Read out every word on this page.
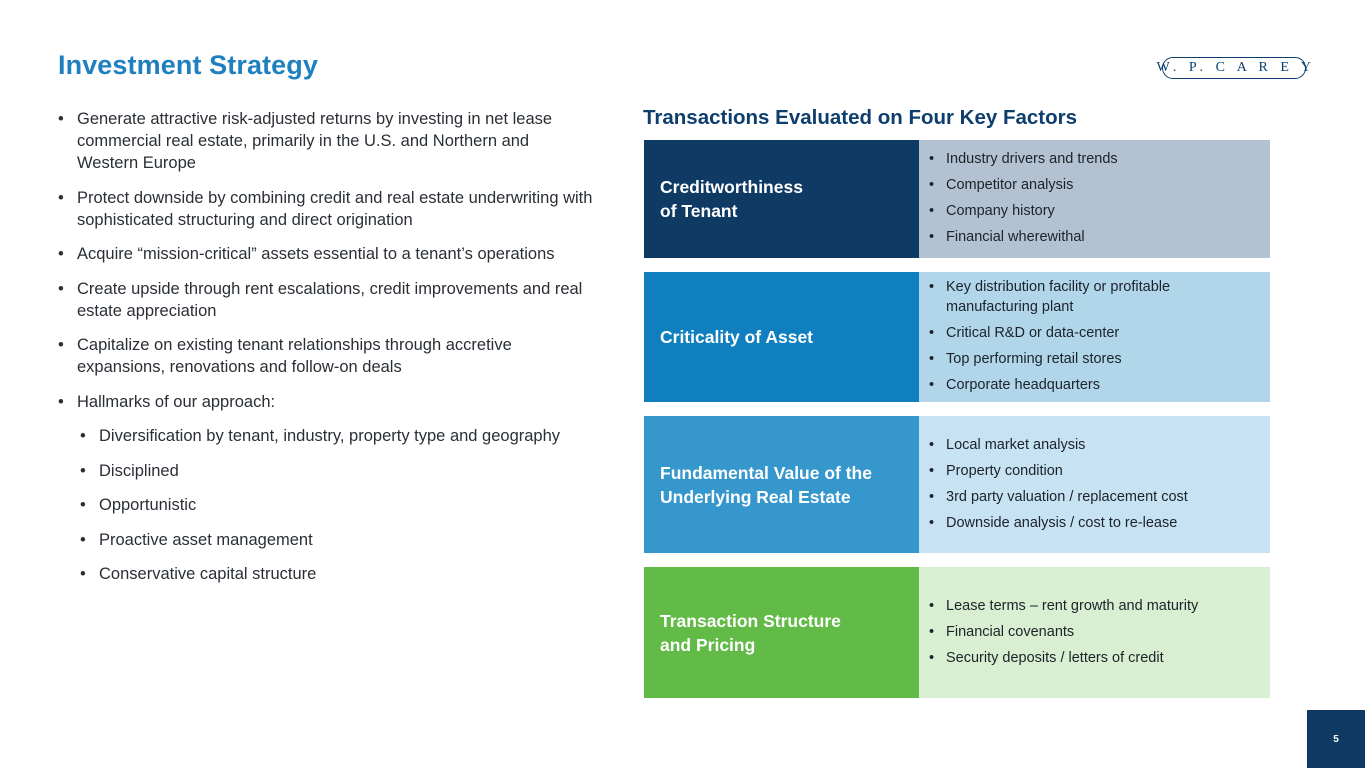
Investment Strategy	W. P. C A R E Y
• Generate attractive risk-adjusted returns by investing in net lease commercial real estate, primarily in the U.S. and Northern and Western Europe
• Protect downside by combining credit and real estate underwriting with sophisticated structuring and direct origination
• Acquire “mission-critical” assets essential to a tenant’s operations
• Create upside through rent escalations, credit improvements and real estate appreciation
• Capitalize on existing tenant relationships through accretive expansions, renovations and follow-on deals
• Hallmarks of our approach:
• Diversification by tenant, industry, property type and geography
• Disciplined
• Opportunistic
• Proactive asset management
• Conservative capital structure
Transactions Evaluated on Four Key Factors
Creditworthiness
of Tenant
• Industry drivers and trends
• Competitor analysis
• Company history
• Financial wherewithal
Criticality of Asset
• Key distribution facility or profitable manufacturing plant
• Critical R&D or data-center
• Top performing retail stores
• Corporate headquarters
Fundamental Value of the
Underlying Real Estate
• Local market analysis
• Property condition
• 3rd party valuation / replacement cost
• Downside analysis / cost to re-lease
Transaction Structure
and Pricing
• Lease terms – rent growth and maturity
• Financial covenants
• Security deposits / letters of credit
5
